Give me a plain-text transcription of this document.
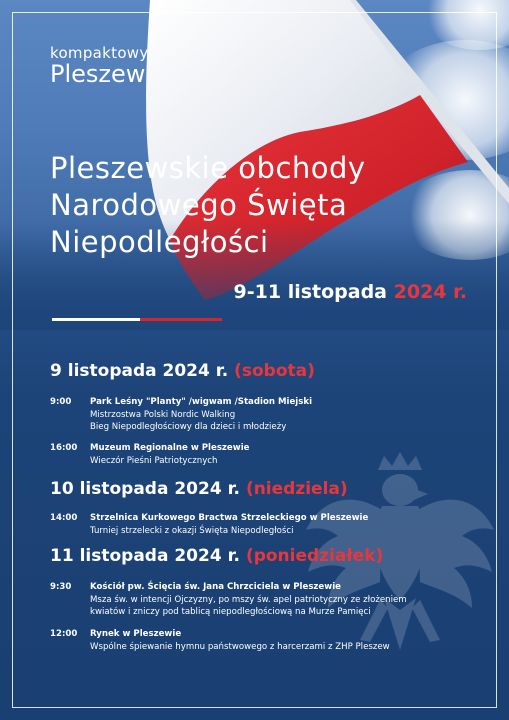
kompaktowy
Pleszew
Pleszewskie obchody
Narodowego Święta
Niepodległości
9-11 listopada 2024 r.
9 listopada 2024 r. (sobota)
9:00 Park Leśny "Planty" /wigwam /Stadion Miejski
Mistrzostwa Polski Nordic Walking
Bieg Niepodległościowy dla dzieci i młodzieży
16:00 Muzeum Regionalne w Pleszewie
Wieczór Pieśni Patriotycznych
10 listopada 2024 r. (niedziela)
14:00 Strzelnica Kurkowego Bractwa Strzeleckiego w Pleszewie
Turniej strzelecki z okazji Święta Niepodległości
11 listopada 2024 r. (poniedziałek)
9:30 Kościół pw. Ścięcia św. Jana Chrzciciela w Pleszewie
Msza św. w intencji Ojczyzny, po mszy św. apel patriotyczny ze złożeniem
kwiatów i zniczy pod tablicą niepodległościową na Murze Pamięci
12:00 Rynek w Pleszewie
Wspólne śpiewanie hymnu państwowego z harcerzami z ZHP Pleszew
